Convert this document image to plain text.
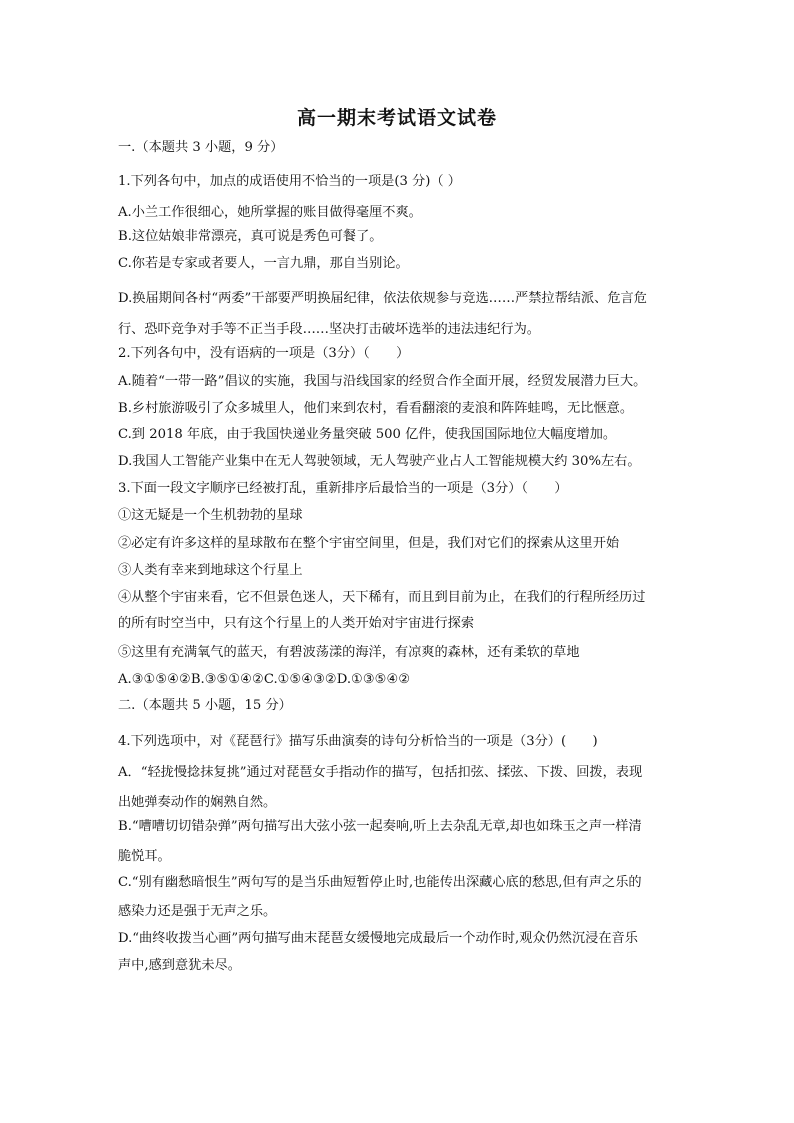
高一期末考试语文试卷
一.（本题共 3 小题，9 分）
1.下列各句中，加点的成语使用不恰当的一项是(3 分)（ ）
A.小兰工作很细心，她所掌握的账目做得毫厘不爽。
B.这位姑娘非常漂亮，真可说是秀色可餐了。
C.你若是专家或者要人，一言九鼎，那自当别论。
D.换届期间各村“两委”干部要严明换届纪律，依法依规参与竞选……严禁拉帮结派、危言危
行、恐吓竞争对手等不正当手段……坚决打击破坏选举的违法违纪行为。
2.下列各句中，没有语病的一项是（3分）（　　）
A.随着“一带一路”倡议的实施，我国与沿线国家的经贸合作全面开展，经贸发展潜力巨大。
B.乡村旅游吸引了众多城里人，他们来到农村，看看翻滚的麦浪和阵阵蛙鸣，无比惬意。
C.到 2018 年底，由于我国快递业务量突破 500 亿件，使我国国际地位大幅度增加。
D.我国人工智能产业集中在无人驾驶领域，无人驾驶产业占人工智能规模大约 30%左右。
3.下面一段文字顺序已经被打乱，重新排序后最恰当的一项是（3分）（　　）
①这无疑是一个生机勃勃的星球
②必定有许多这样的星球散布在整个宇宙空间里，但是，我们对它们的探索从这里开始
③人类有幸来到地球这个行星上
④从整个宇宙来看，它不但景色迷人，天下稀有，而且到目前为止，在我们的行程所经历过
的所有时空当中，只有这个行星上的人类开始对宇宙进行探索
⑤这里有充满氧气的蓝天，有碧波荡漾的海洋，有凉爽的森林，还有柔软的草地
A.③①⑤④②B.③⑤①④②C.①⑤④③②D.①③⑤④②
二.（本题共 5 小题，15 分）
4.下列选项中，对《琵琶行》描写乐曲演奏的诗句分析恰当的一项是（3分）(　　)
A．“轻拢慢捻抹复挑”通过对琵琶女手指动作的描写，包括扣弦、揉弦、下拨、回拨，表现
出她弹奏动作的娴熟自然。
B.“嘈嘈切切错杂弹”两句描写出大弦小弦一起奏响,听上去杂乱无章,却也如珠玉之声一样清
脆悦耳。
C.“别有幽愁暗恨生”两句写的是当乐曲短暂停止时,也能传出深藏心底的愁思,但有声之乐的
感染力还是强于无声之乐。
D.“曲终收拨当心画”两句描写曲末琵琶女缓慢地完成最后一个动作时,观众仍然沉浸在音乐
声中,感到意犹未尽。
